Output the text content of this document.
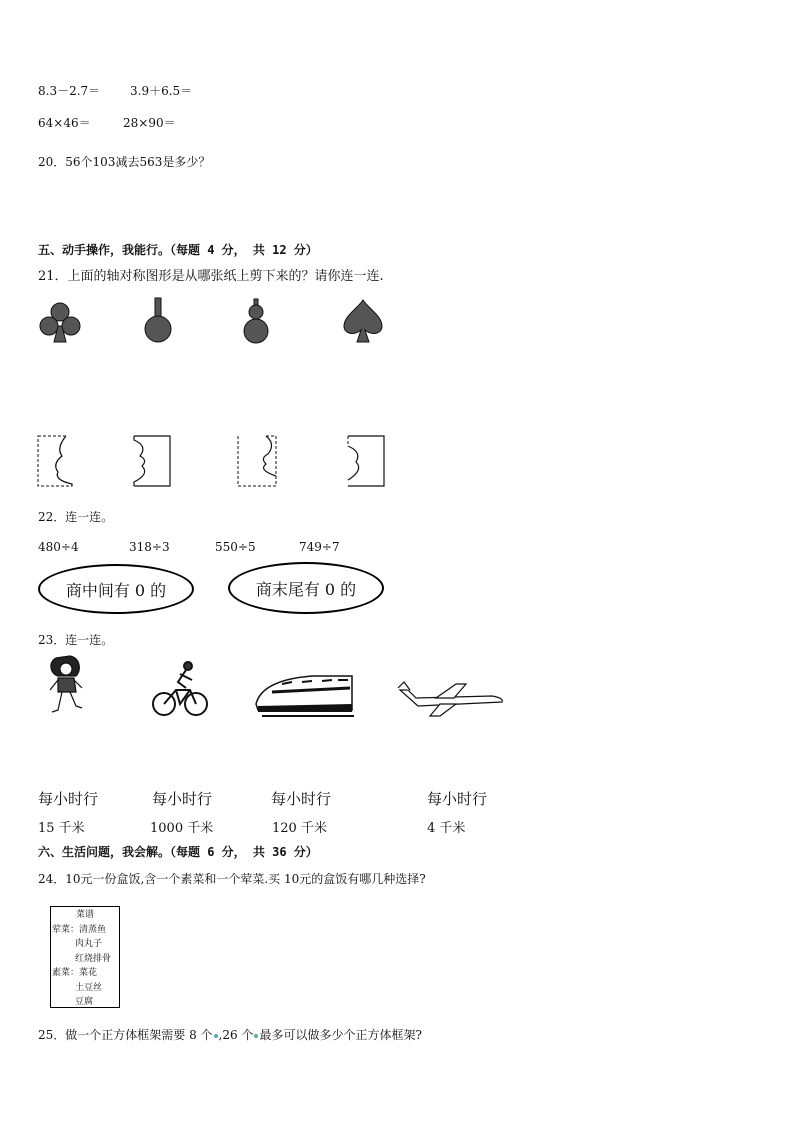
8.3－2.7＝ 3.9＋6.5＝
64×46＝	28×90＝
20．56个103减去563是多少？
五、动手操作，我能行。（每题 4 分， 共 12 分）
21．上面的轴对称图形是从哪张纸上剪下来的？请你连一连.
22．连一连。
480÷4	318÷3	550÷5	749÷7
商中间有 0 的	商末尾有 0 的
23．连一连。
每小时行	每小时行	每小时行	每小时行
15 千米	1000 千米	120 千米	4 千米
六、生活问题，我会解。（每题 6 分， 共 36 分）
24．10元一份盒饭,含一个素菜和一个荤菜.买 10元的盒饭有哪几种选择?
菜谱
荤菜：清蒸鱼
肉丸子
红烧排骨
素菜：菜花
土豆丝
豆腐
25．做一个正方体框架需要 8 个 ,26 个 最多可以做多少个正方体框架?
